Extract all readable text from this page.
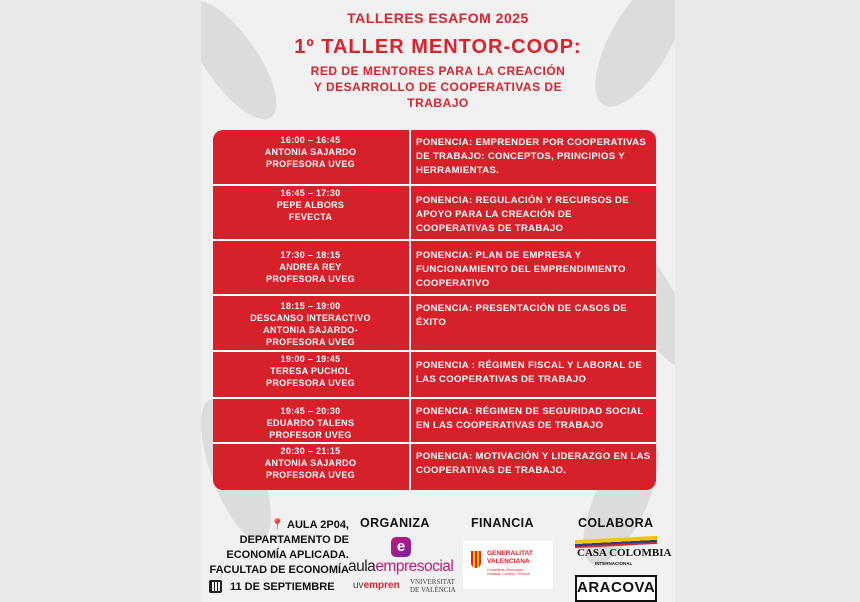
TALLERES ESAFOM 2025
1º TALLER MENTOR-COOP:
RED DE MENTORES PARA LA CREACIÓN
Y DESARROLLO DE COOPERATIVAS DE
TRABAJO
16:00 – 16:45
ANTONIA SAJARDO
PROFESORA UVEG
PONENCIA: EMPRENDER POR COOPERATIVAS DE TRABAJO: CONCEPTOS, PRINCIPIOS Y HERRAMIENTAS.
16:45 – 17:30
PEPE ALBORS
FEVECTA
PONENCIA: REGULACIÓN Y RECURSOS DE APOYO PARA LA CREACIÓN DE COOPERATIVAS DE TRABAJO
17:30 – 18:15
ANDREA REY
PROFESORA UVEG
PONENCIA: PLAN DE EMPRESA Y FUNCIONAMIENTO DEL EMPRENDIMIENTO COOPERATIVO
18:15 – 19:00
DESCANSO INTERACTIVO
ANTONIA SAJARDO-
PROFESORA UVEG
PONENCIA: PRESENTACIÓN DE CASOS DE ÉXITO
19:00 – 19:45
TERESA PUCHOL
PROFESORA UVEG
PONENCIA : RÉGIMEN FISCAL Y LABORAL DE LAS COOPERATIVAS DE TRABAJO
19:45 – 20:30
EDUARDO TALENS
PROFESOR UVEG
PONENCIA: RÉGIMEN DE SEGURIDAD SOCIAL EN LAS COOPERATIVAS DE TRABAJO
20:30 – 21:15
ANTONIA SAJARDO
PROFESORA UVEG
PONENCIA: MOTIVACIÓN Y LIDERAZGO EN LAS COOPERATIVAS DE TRABAJO.
📍 AULA 2P04,
DEPARTAMENTO DE
ECONOMÍA APLICADA.
FACULTAD DE ECONOMÍA
11 DE SEPTIEMBRE
ORGANIZA	FINANCIA	COLABORA
e
aulaempresocial
uvempren VNIVERSITAT
DE VALÈNCIA
GENERALITAT
VALENCIANA
Conselleria d'Innovació,
Indústria, Comerç i Turisme
CASA COLOMBIA
INTERNACIONAL
ARACOVA
